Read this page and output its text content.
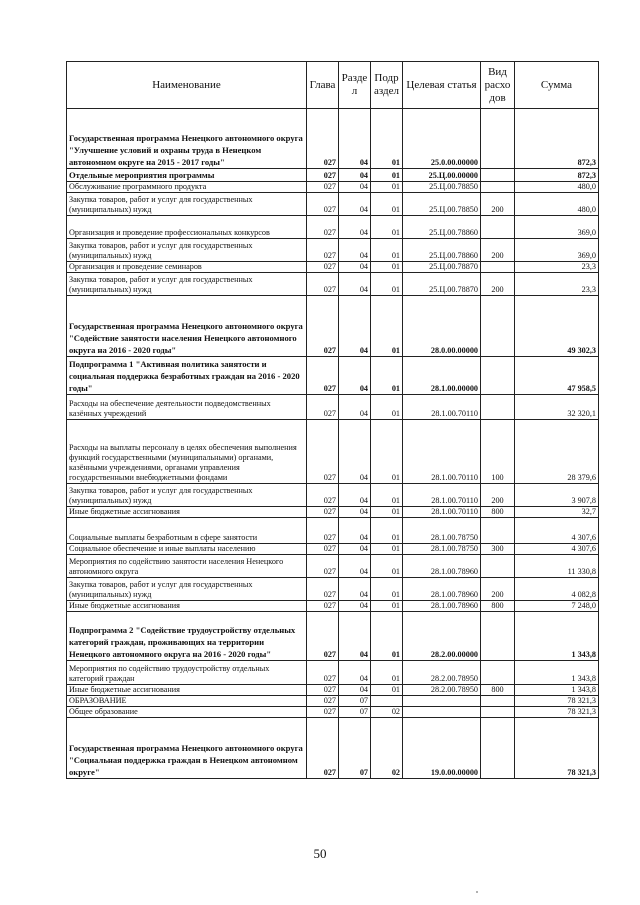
Наименование	Глава	Разде л	Подр аздел	Целевая статья	Вид расхо дов	Сумма
Государственная программа Ненецкого автономного округа "Улучшение условий и охраны труда в Ненецком автономном округе на 2015 - 2017 годы"	027	04	01	25.0.00.00000		872,3
Отдельные мероприятия программы	027	04	01	25.Ц.00.00000		872,3
Обслуживание программного продукта	027	04	01	25.Ц.00.78850		480,0
Закупка товаров, работ и услуг для государственных (муниципальных) нужд	027	04	01	25.Ц.00.78850	200	480,0
Организация и проведение профессиональных конкурсов	027	04	01	25.Ц.00.78860		369,0
Закупка товаров, работ и услуг для государственных (муниципальных) нужд	027	04	01	25.Ц.00.78860	200	369,0
Организация и проведение семинаров	027	04	01	25.Ц.00.78870		23,3
Закупка товаров, работ и услуг для государственных (муниципальных) нужд	027	04	01	25.Ц.00.78870	200	23,3
Государственная программа Ненецкого автономного округа "Содействие занятости населения Ненецкого автономного округа на 2016 - 2020 годы"	027	04	01	28.0.00.00000		49 302,3
Подпрограмма 1 "Активная политика занятости и социальная поддержка безработных граждан на 2016 - 2020 годы"	027	04	01	28.1.00.00000		47 958,5
Расходы на обеспечение деятельности подведомственных казённых учреждений	027	04	01	28.1.00.70110		32 320,1
Расходы на выплаты персоналу в целях обеспечения выполнения функций государственными (муниципальными) органами, казёнными учреждениями, органами управления государственными внебюджетными фондами	027	04	01	28.1.00.70110	100	28 379,6
Закупка товаров, работ и услуг для государственных (муниципальных) нужд	027	04	01	28.1.00.70110	200	3 907,8
Иные бюджетные ассигнования	027	04	01	28.1.00.70110	800	32,7
Социальные выплаты безработным в сфере занятости	027	04	01	28.1.00.78750		4 307,6
Социальное обеспечение и иные выплаты населению	027	04	01	28.1.00.78750	300	4 307,6
Мероприятия по содействию занятости населения Ненецкого автономного округа	027	04	01	28.1.00.78960		11 330,8
Закупка товаров, работ и услуг для государственных (муниципальных) нужд	027	04	01	28.1.00.78960	200	4 082,8
Иные бюджетные ассигнования	027	04	01	28.1.00.78960	800	7 248,0
Подпрограмма 2 "Содействие трудоустройству отдельных категорий граждан, проживающих на территории Ненецкого автономного округа на 2016 - 2020 годы"	027	04	01	28.2.00.00000		1 343,8
Мероприятия по содействию трудоустройству отдельных категорий граждан	027	04	01	28.2.00.78950		1 343,8
Иные бюджетные ассигнования	027	04	01	28.2.00.78950	800	1 343,8
ОБРАЗОВАНИЕ	027	07				78 321,3
Общее образование	027	07	02			78 321,3
Государственная программа Ненецкого автономного округа "Социальная поддержка граждан в Ненецком автономном округе"	027	07	02	19.0.00.00000		78 321,3
50
